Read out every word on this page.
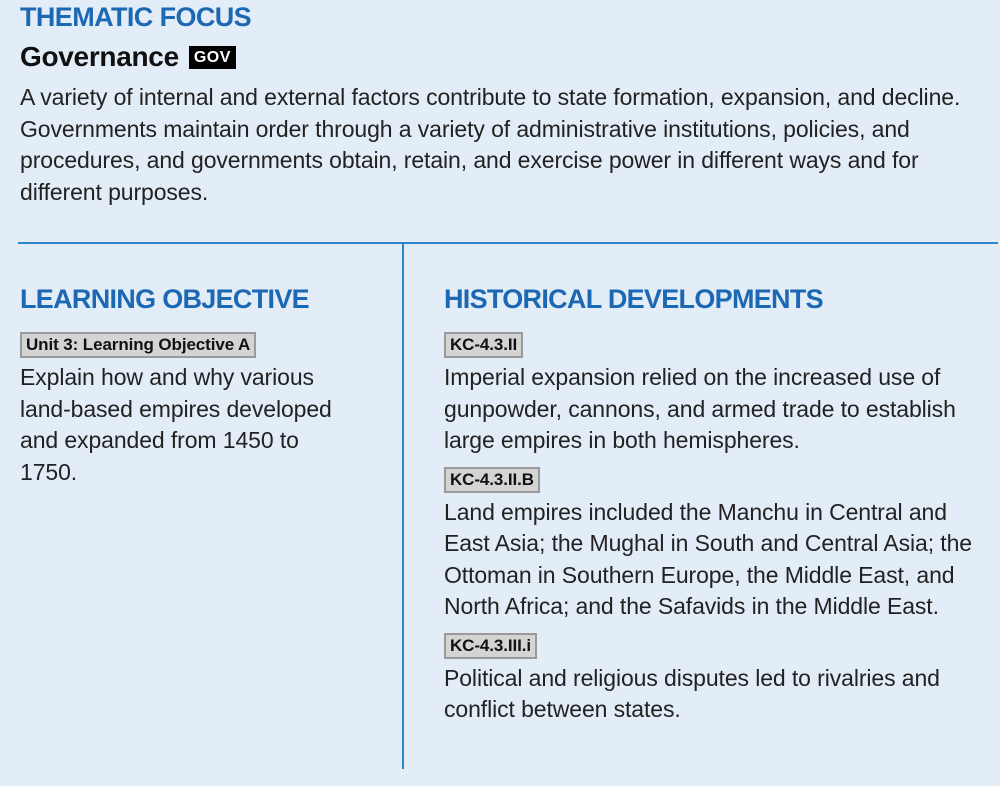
THEMATIC FOCUS
Governance GOV
A variety of internal and external factors contribute to state formation, expansion, and decline. Governments maintain order through a variety of administrative institutions, policies, and procedures, and governments obtain, retain, and exercise power in different ways and for different purposes.
LEARNING OBJECTIVE
Unit 3: Learning Objective A
Explain how and why various land-based empires developed and expanded from 1450 to 1750.
HISTORICAL DEVELOPMENTS
KC-4.3.II
Imperial expansion relied on the increased use of gunpowder, cannons, and armed trade to establish large empires in both hemispheres.
KC-4.3.II.B
Land empires included the Manchu in Central and East Asia; the Mughal in South and Central Asia; the Ottoman in Southern Europe, the Middle East, and North Africa; and the Safavids in the Middle East.
KC-4.3.III.i
Political and religious disputes led to rivalries and conflict between states.
